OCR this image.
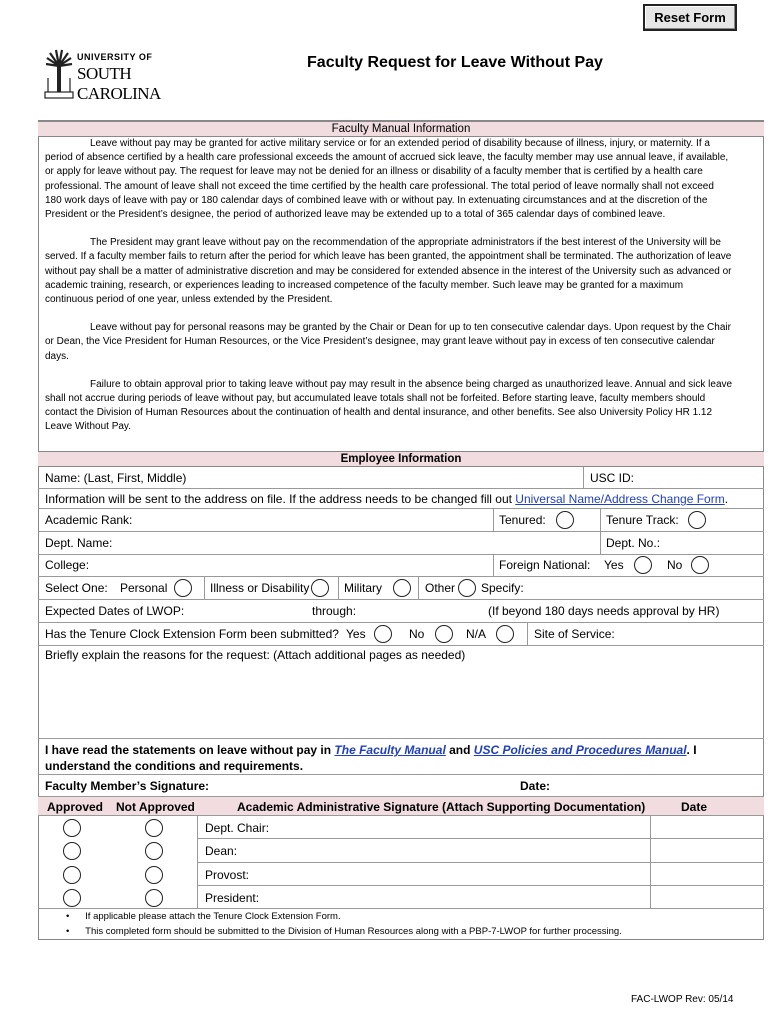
Reset Form
UNIVERSITY OF
SOUTH CAROLINA
Faculty Request for Leave Without Pay
Faculty Manual Information

Leave without pay may be granted for active military service or for an extended period of disability because of illness, injury, or maternity. If a period of absence certified by a health care professional exceeds the amount of accrued sick leave, the faculty member may use annual leave, if available, or apply for leave without pay. The request for leave may not be denied for an illness or disability of a faculty member that is certified by a health care professional. The amount of leave shall not exceed the time certified by the health care professional. The total period of leave normally shall not exceed 180 work days of leave with pay or 180 calendar days of combined leave with or without pay. In extenuating circumstances and at the discretion of the President or the President’s designee, the period of authorized leave may be extended up to a total of 365 calendar days of combined leave.

The President may grant leave without pay on the recommendation of the appropriate administrators if the best interest of the University will be served. If a faculty member fails to return after the period for which leave has been granted, the appointment shall be terminated. The authorization of leave without pay shall be a matter of administrative discretion and may be considered for extended absence in the interest of the University such as advanced or academic training, research, or experiences leading to increased competence of the faculty member. Such leave may be granted for a maximum continuous period of one year, unless extended by the President.

Leave without pay for personal reasons may be granted by the Chair or Dean for up to ten consecutive calendar days. Upon request by the Chair or Dean, the Vice President for Human Resources, or the Vice President’s designee, may grant leave without pay in excess of ten consecutive calendar days.

Failure to obtain approval prior to taking leave without pay may result in the absence being charged as unauthorized leave. Annual and sick leave shall not accrue during periods of leave without pay, but accumulated leave totals shall not be forfeited. Before starting leave, faculty members should contact the Division of Human Resources about the continuation of health and dental insurance, and other benefits. See also University Policy HR 1.12 Leave Without Pay.

Employee Information
Name: (Last, First, Middle)	USC ID:
Information will be sent to the address on file. If the address needs to be changed fill out Universal Name/Address Change Form.
Academic Rank:	Tenured:	Tenure Track:
Dept. Name:	Dept. No.:
College:	Foreign National: Yes	No
Select One: Personal	Illness or Disability	Military	Other Specify:
Expected Dates of LWOP:	through:	(If beyond 180 days needs approval by HR)
Has the Tenure Clock Extension Form been submitted? Yes	No	N/A	Site of Service:
Briefly explain the reasons for the request: (Attach additional pages as needed)
I have read the statements on leave without pay in The Faculty Manual and USC Policies and Procedures Manual. I understand the conditions and requirements.
Faculty Member’s Signature:	Date:
Approved Not Approved	Academic Administrative Signature (Attach Supporting Documentation)	Date
Dept. Chair:
Dean:
Provost:
President:
•      If applicable please attach the Tenure Clock Extension Form.
•      This completed form should be submitted to the Division of Human Resources along with a PBP-7-LWOP for further processing.
FAC-LWOP Rev: 05/14
